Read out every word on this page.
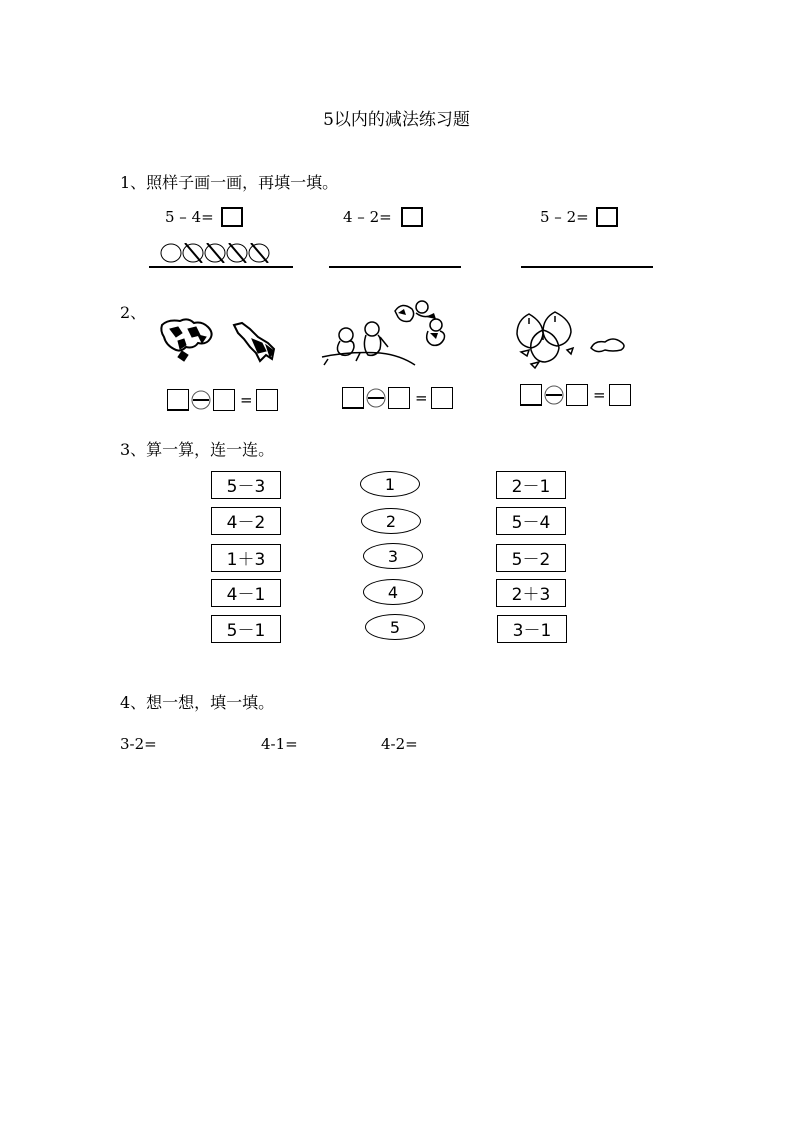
5以内的减法练习题
1、照样子画一画，再填一填。
5 – 4=	4 – 2=	5 – 2=
2、
=	=	=
3、算一算，连一连。
5－3
4－2
1＋3
4－1
5－1
1
2
3
4
5
2－1
5－4
5－2
2＋3
3－1
4、想一想，填一填。
3-2=	4-1=	4-2=
